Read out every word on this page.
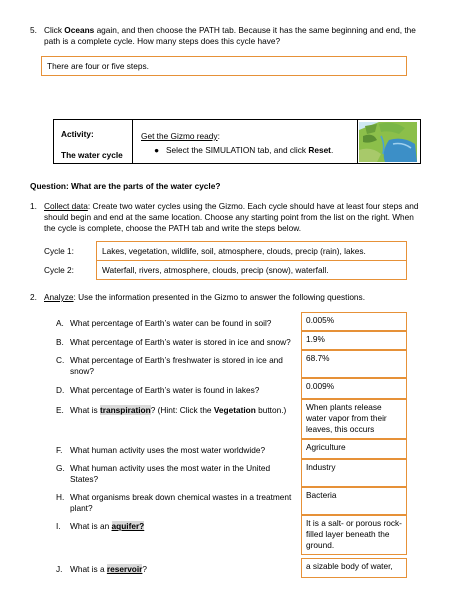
5. Click Oceans again, and then choose the PATH tab. Because it has the same beginning and end, the path is a complete cycle. How many steps does this cycle have?
There are four or five steps.
Activity:
The water cycle
Get the Gizmo ready:
● Select the SIMULATION tab, and click Reset.
Question: What are the parts of the water cycle?
1. Collect data: Create two water cycles using the Gizmo. Each cycle should have at least four steps and should begin and end at the same location. Choose any starting point from the list on the right. When the cycle is complete, choose the PATH tab and write the steps below.
Cycle 1:	Lakes, vegetation, wildlife, soil, atmosphere, clouds, precip (rain), lakes.
Cycle 2:	Waterfall, rivers, atmosphere, clouds, precip (snow), waterfall.
2. Analyze: Use the information presented in the Gizmo to answer the following questions.
A. What percentage of Earth’s water can be found in soil?	0.005%
B. What percentage of Earth’s water is stored in ice and snow?	1.9%
C. What percentage of Earth’s freshwater is stored in ice and snow?
68.7%
D. What percentage of Earth’s water is found in lakes?	0.009%
E. What is transpiration? (Hint: Click the Vegetation button.)	When plants release water vapor from their leaves, this occurs
F. What human activity uses the most water worldwide?	Agriculture
G. What human activity uses the most water in the United States?
Industry
H. What organisms break down chemical wastes in a treatment plant?
Bacteria
I. What is an aquifer?	It is a salt- or porous rock-filled layer beneath the ground.
J. What is a reservoir?	a sizable body of water,
